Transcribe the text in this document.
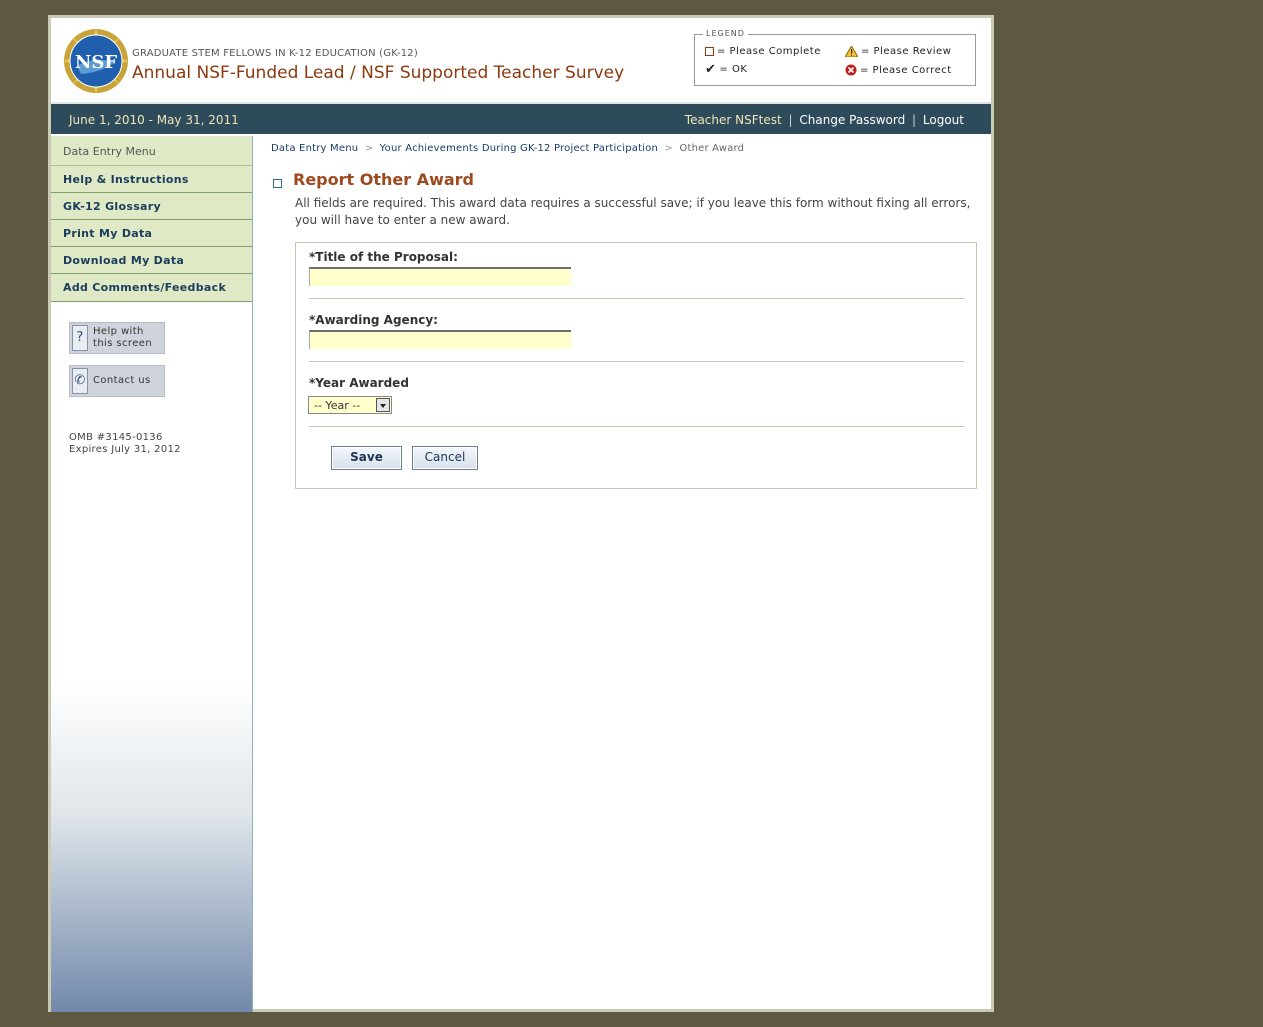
NSF GRADUATE STEM FELLOWS IN K-12 EDUCATION (GK-12)
Annual NSF-Funded Lead / NSF Supported Teacher Survey
LEGEND
= Please Complete	= Please Review
✔ = OK	= Please Correct
June 1, 2010 - May 31, 2011	Teacher NSFtest | Change Password | Logout
Data Entry Menu
Help & Instructions
GK-12 Glossary
Print My Data
Download My Data
Add Comments/Feedback
? Help with
this screen
✆ Contact us
OMB #3145-0136
Expires July 31, 2012
Data Entry Menu > Your Achievements During GK-12 Project Participation > Other Award
Report Other Award
All fields are required. This award data requires a successful save; if you leave this form without fixing all errors, you will have to enter a new award.
*Title of the Proposal:
*Awarding Agency:
*Year Awarded
-- Year --
Save	Cancel
